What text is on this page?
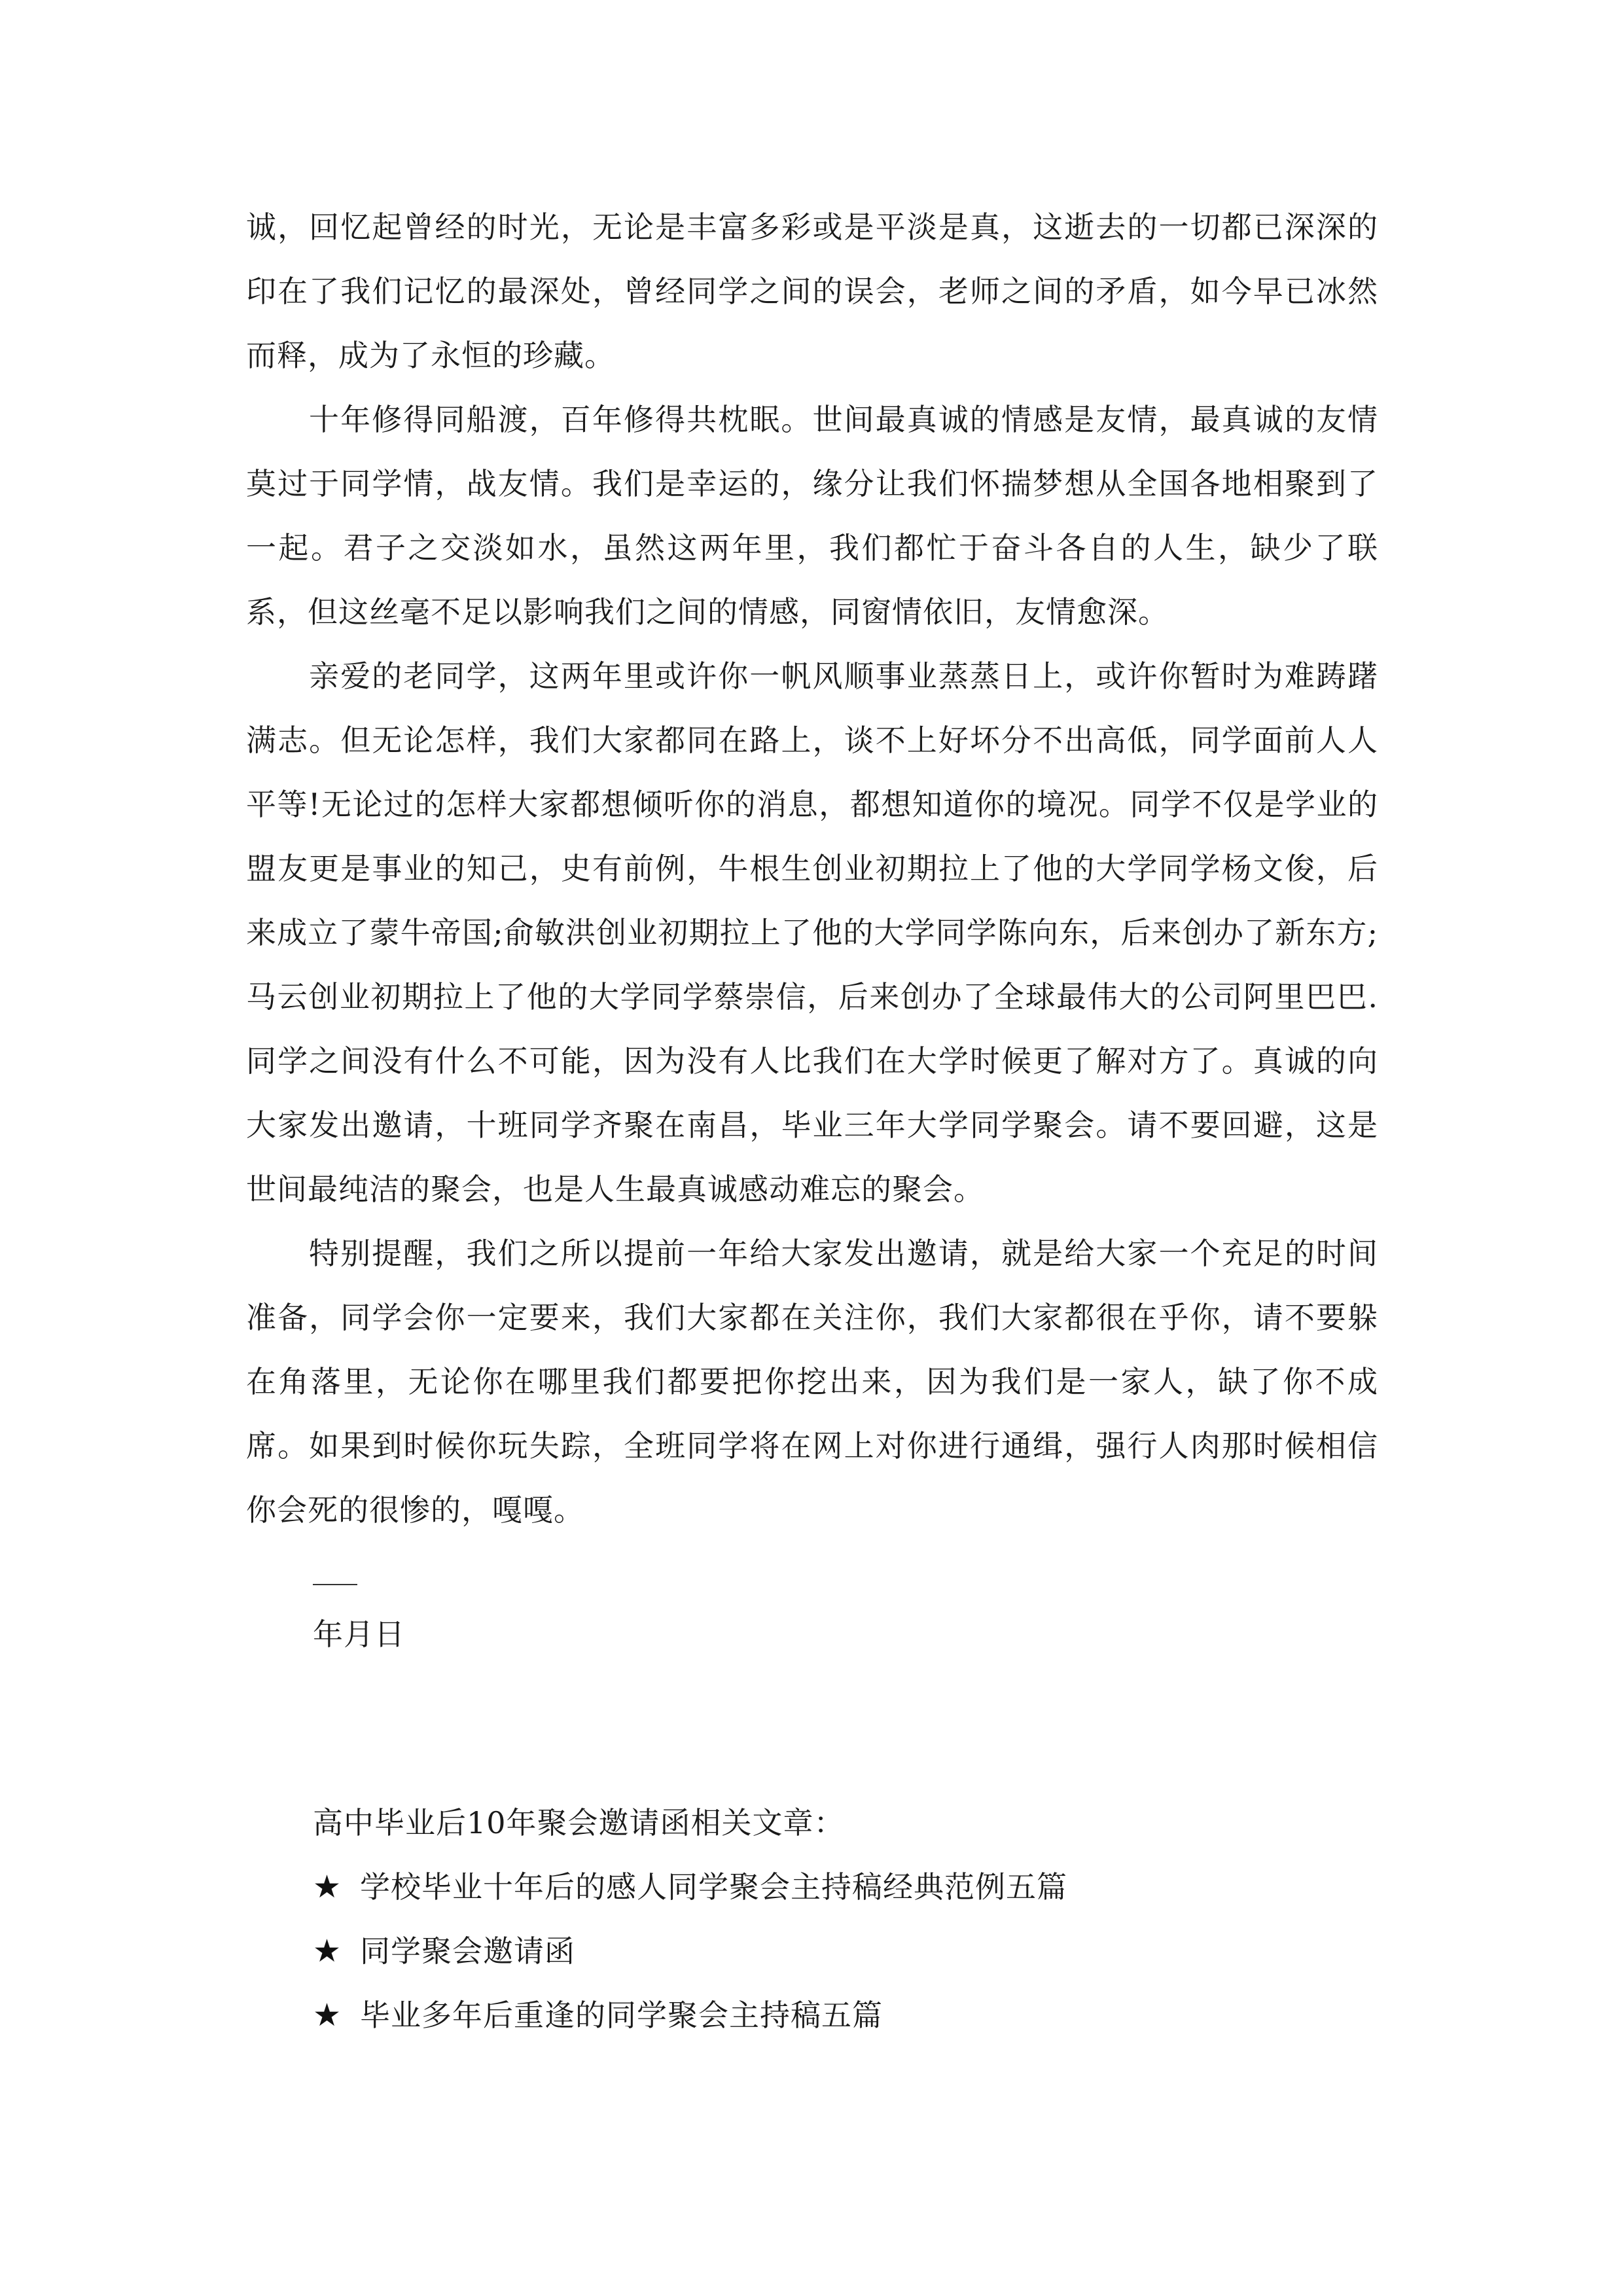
诚，回忆起曾经的时光，无论是丰富多彩或是平淡是真，这逝去的一切都已深深的印在了我们记忆的最深处，曾经同学之间的误会，老师之间的矛盾，如今早已冰然而释，成为了永恒的珍藏。

十年修得同船渡，百年修得共枕眠。世间最真诚的情感是友情，最真诚的友情莫过于同学情，战友情。我们是幸运的，缘分让我们怀揣梦想从全国各地相聚到了一起。君子之交淡如水，虽然这两年里，我们都忙于奋斗各自的人生，缺少了联系，但这丝毫不足以影响我们之间的情感，同窗情依旧，友情愈深。

亲爱的老同学，这两年里或许你一帆风顺事业蒸蒸日上，或许你暂时为难踌躇满志。但无论怎样，我们大家都同在路上，谈不上好坏分不出高低，同学面前人人平等!无论过的怎样大家都想倾听你的消息，都想知道你的境况。同学不仅是学业的盟友更是事业的知己，史有前例，牛根生创业初期拉上了他的大学同学杨文俊，后来成立了蒙牛帝国;俞敏洪创业初期拉上了他的大学同学陈向东，后来创办了新东方;马云创业初期拉上了他的大学同学蔡崇信，后来创办了全球最伟大的公司阿里巴巴.同学之间没有什么不可能，因为没有人比我们在大学时候更了解对方了。真诚的向大家发出邀请，十班同学齐聚在南昌，毕业三年大学同学聚会。请不要回避，这是世间最纯洁的聚会，也是人生最真诚感动难忘的聚会。

特别提醒，我们之所以提前一年给大家发出邀请，就是给大家一个充足的时间准备，同学会你一定要来，我们大家都在关注你，我们大家都很在乎你，请不要躲在角落里，无论你在哪里我们都要把你挖出来，因为我们是一家人，缺了你不成席。如果到时候你玩失踪，全班同学将在网上对你进行通缉，强行人肉那时候相信你会死的很惨的，嘎嘎。

年月日
高中毕业后10年聚会邀请函相关文章：
★ 学校毕业十年后的感人同学聚会主持稿经典范例五篇
★ 同学聚会邀请函
★ 毕业多年后重逢的同学聚会主持稿五篇
